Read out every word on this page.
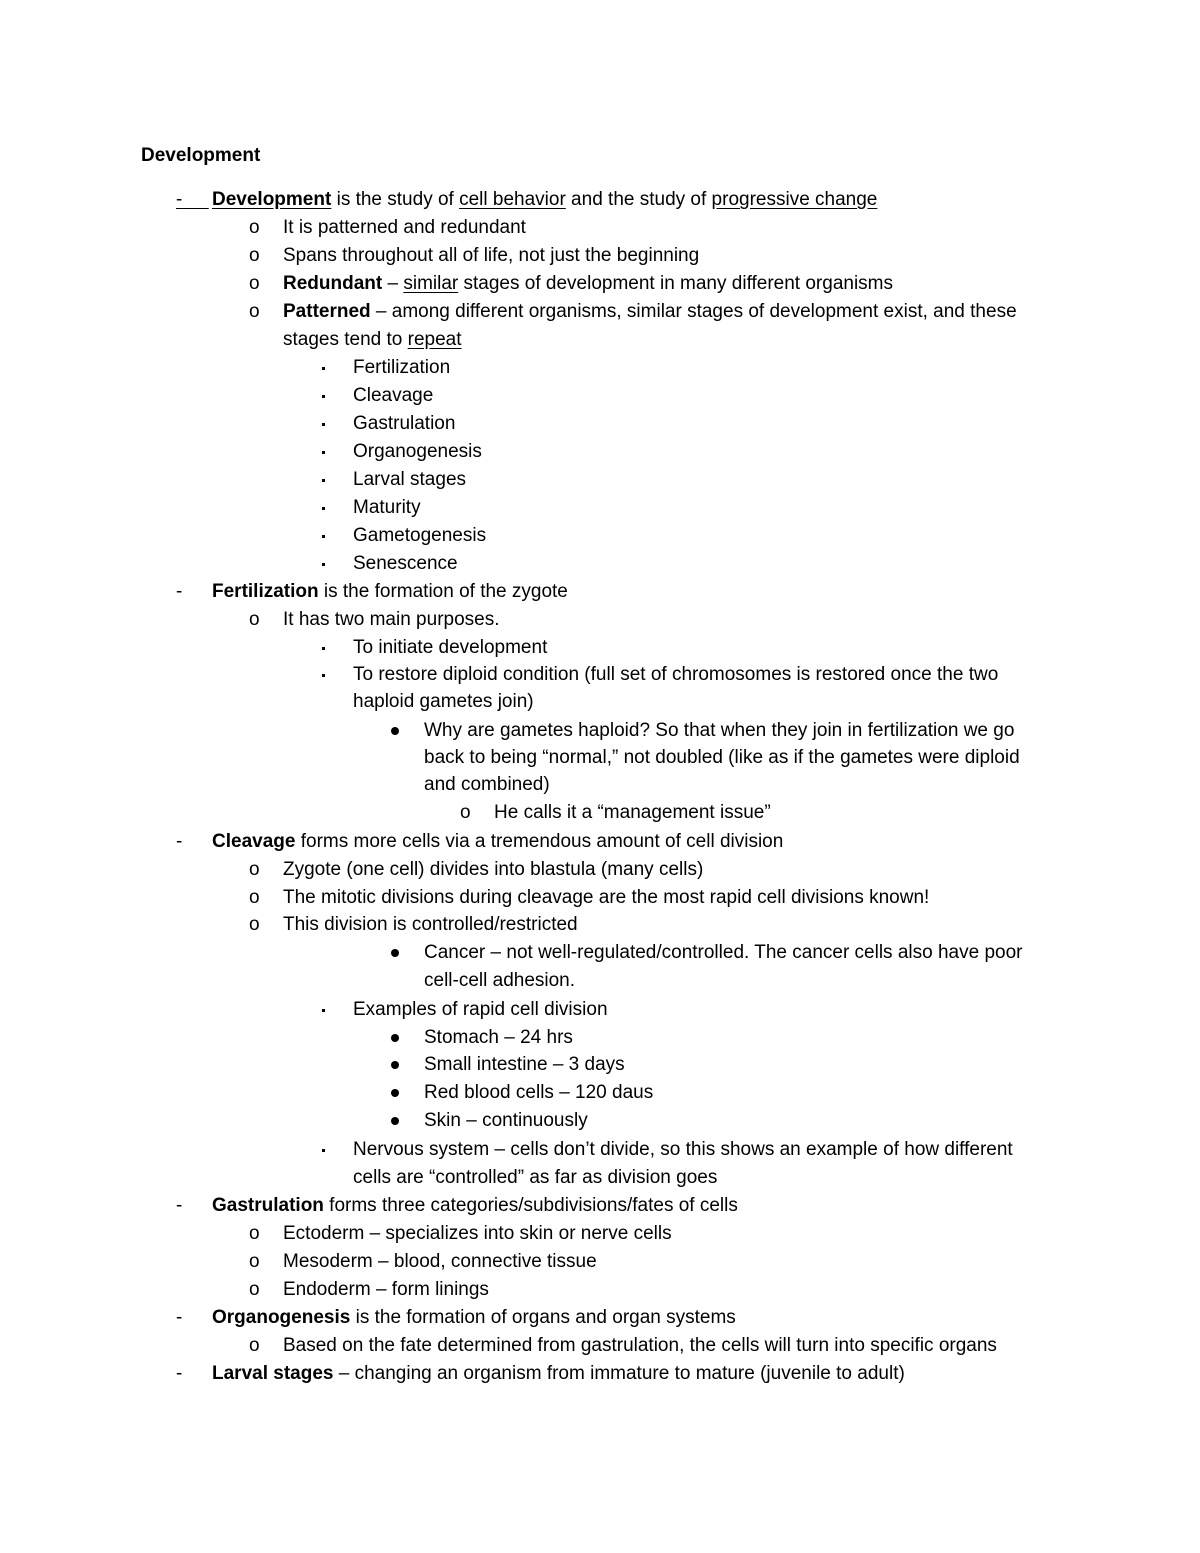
Development
-	Development is the study of cell behavior and the study of progressive change
o It is patterned and redundant
o Spans throughout all of life, not just the beginning
o Redundant – similar stages of development in many different organisms
o Patterned – among different organisms, similar stages of development exist, and these
stages tend to repeat
Fertilization
Cleavage
Gastrulation
Organogenesis
Larval stages
Maturity
Gametogenesis
Senescence
- Fertilization is the formation of the zygote
o It has two main purposes.
To initiate development
To restore diploid condition (full set of chromosomes is restored once the two
haploid gametes join)
Why are gametes haploid? So that when they join in fertilization we go
back to being “normal,” not doubled (like as if the gametes were diploid
and combined)
o He calls it a “management issue”
- Cleavage forms more cells via a tremendous amount of cell division
o Zygote (one cell) divides into blastula (many cells)
o The mitotic divisions during cleavage are the most rapid cell divisions known!
o This division is controlled/restricted
Cancer – not well-regulated/controlled. The cancer cells also have poor
cell-cell adhesion.
Examples of rapid cell division
Stomach – 24 hrs
Small intestine – 3 days
Red blood cells – 120 daus
Skin – continuously
Nervous system – cells don’t divide, so this shows an example of how different
cells are “controlled” as far as division goes
- Gastrulation forms three categories/subdivisions/fates of cells
o Ectoderm – specializes into skin or nerve cells
o Mesoderm – blood, connective tissue
o Endoderm – form linings
- Organogenesis is the formation of organs and organ systems
o Based on the fate determined from gastrulation, the cells will turn into specific organs
- Larval stages – changing an organism from immature to mature (juvenile to adult)
